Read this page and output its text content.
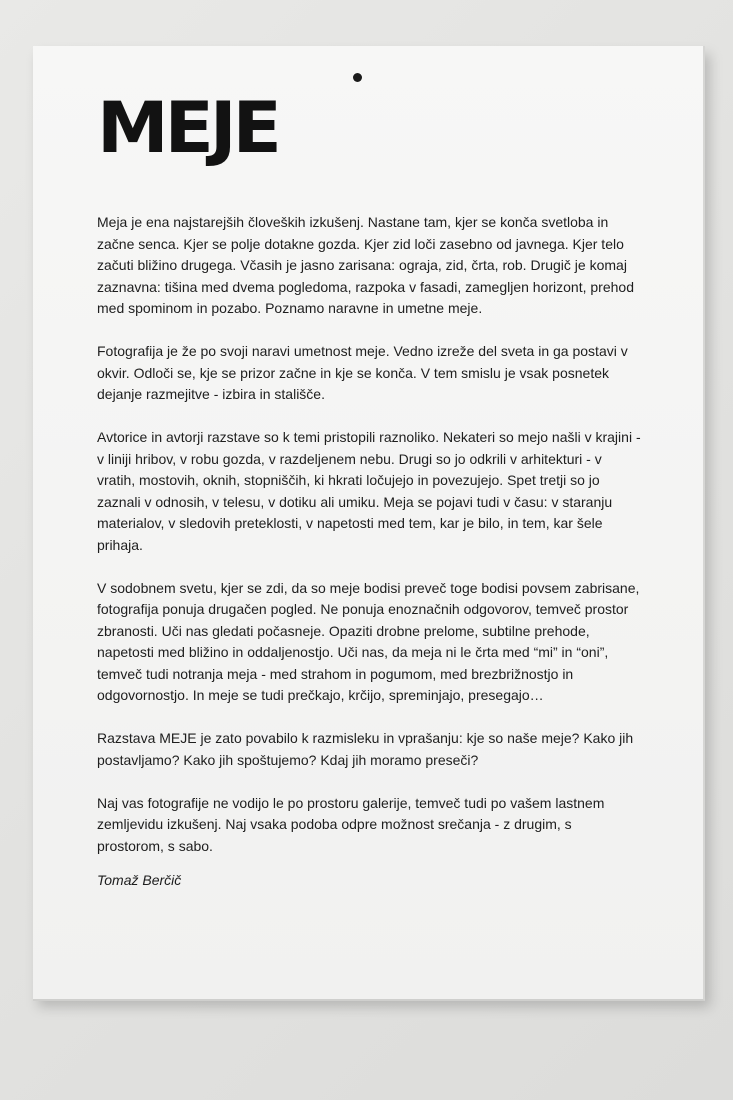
MEJE

Meja je ena najstarejših človeških izkušenj. Nastane tam, kjer se konča svetloba in začne senca. Kjer se polje dotakne gozda. Kjer zid loči zasebno od javnega. Kjer telo začuti bližino drugega. Včasih je jasno zarisana: ograja, zid, črta, rob. Drugič je komaj zaznavna: tišina med dvema pogledoma, razpoka v fasadi, zamegljen horizont, prehod med spominom in pozabo. Poznamo naravne in umetne meje.

Fotografija je že po svoji naravi umetnost meje. Vedno izreže del sveta in ga postavi v okvir. Odloči se, kje se prizor začne in kje se konča. V tem smislu je vsak posnetek dejanje razmejitve - izbira in stališče.

Avtorice in avtorji razstave so k temi pristopili raznoliko. Nekateri so mejo našli v krajini - v liniji hribov, v robu gozda, v razdeljenem nebu. Drugi so jo odkrili v arhitekturi - v vratih, mostovih, oknih, stopniščih, ki hkrati ločujejo in povezujejo. Spet tretji so jo zaznali v odnosih, v telesu, v dotiku ali umiku. Meja se pojavi tudi v času: v staranju materialov, v sledovih preteklosti, v napetosti med tem, kar je bilo, in tem, kar šele prihaja.

V sodobnem svetu, kjer se zdi, da so meje bodisi preveč toge bodisi povsem zabrisane, fotografija ponuja drugačen pogled. Ne ponuja enoznačnih odgovorov, temveč prostor zbranosti. Uči nas gledati počasneje. Opaziti drobne prelome, subtilne prehode, napetosti med bližino in oddaljenostjo. Uči nas, da meja ni le črta med “mi” in “oni”, temveč tudi notranja meja - med strahom in pogumom, med brezbrižnostjo in odgovornostjo. In meje se tudi prečkajo, krčijo, spreminjajo, presegajo…

Razstava MEJE je zato povabilo k razmisleku in vprašanju: kje so naše meje? Kako jih postavljamo? Kako jih spoštujemo? Kdaj jih moramo preseči?

Naj vas fotografije ne vodijo le po prostoru galerije, temveč tudi po vašem lastnem zemljevidu izkušenj. Naj vsaka podoba odpre možnost srečanja - z drugim, s prostorom, s sabo.

Tomaž Berčič
